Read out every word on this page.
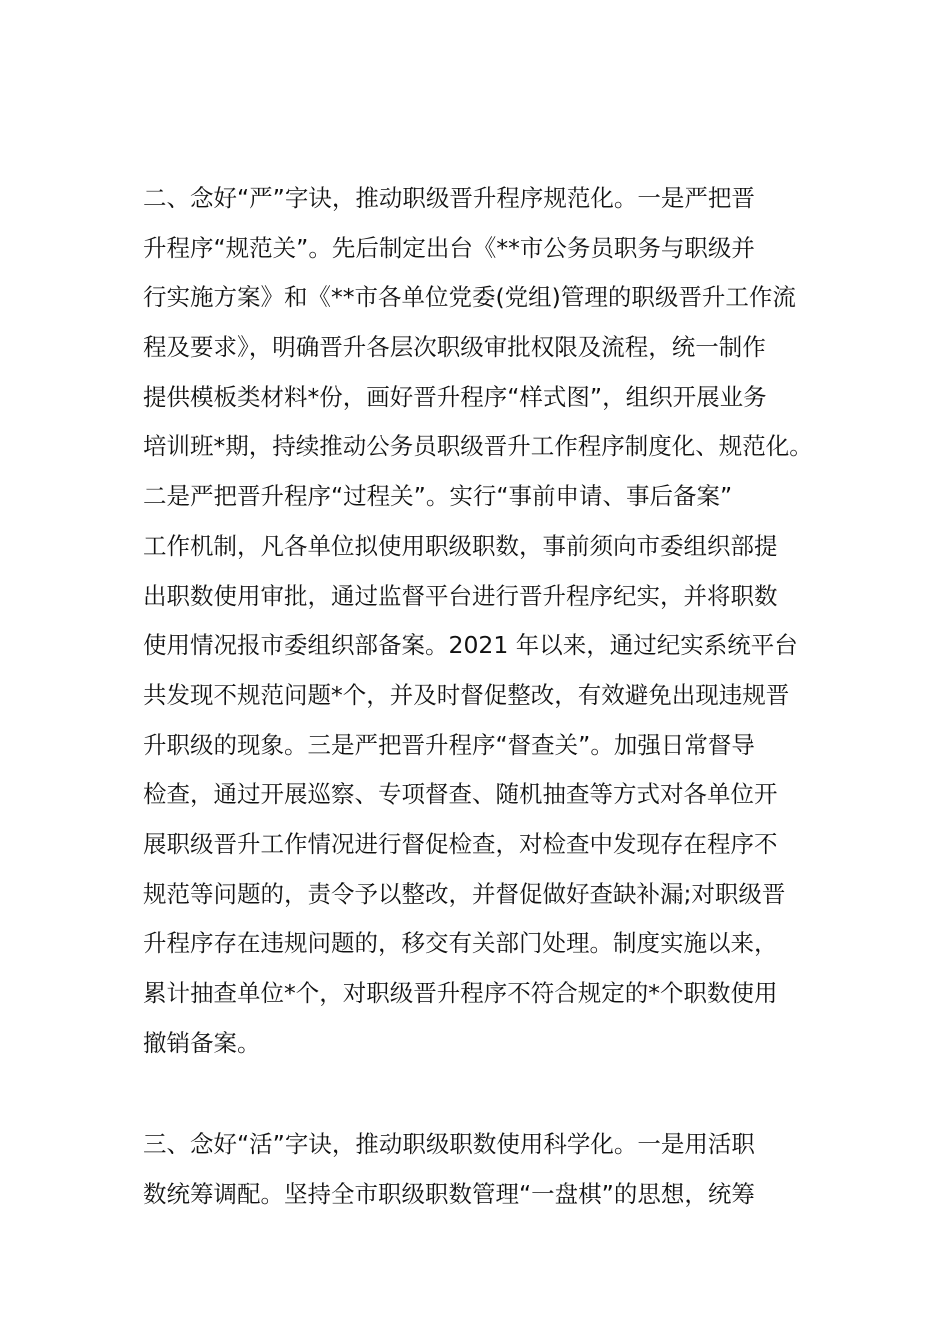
二、念好“严”字诀，推动职级晋升程序规范化。一是严把晋
升程序“规范关”。先后制定出台《**市公务员职务与职级并
行实施方案》和《**市各单位党委(党组)管理的职级晋升工作流
程及要求》，明确晋升各层次职级审批权限及流程，统一制作
提供模板类材料*份，画好晋升程序“样式图”，组织开展业务
培训班*期，持续推动公务员职级晋升工作程序制度化、规范化。
二是严把晋升程序“过程关”。实行“事前申请、事后备案”
工作机制，凡各单位拟使用职级职数，事前须向市委组织部提
出职数使用审批，通过监督平台进行晋升程序纪实，并将职数
使用情况报市委组织部备案。2021 年以来，通过纪实系统平台
共发现不规范问题*个，并及时督促整改，有效避免出现违规晋
升职级的现象。三是严把晋升程序“督查关”。加强日常督导
检查，通过开展巡察、专项督查、随机抽查等方式对各单位开
展职级晋升工作情况进行督促检查，对检查中发现存在程序不
规范等问题的，责令予以整改，并督促做好查缺补漏;对职级晋
升程序存在违规问题的，移交有关部门处理。制度实施以来，
累计抽查单位*个，对职级晋升程序不符合规定的*个职数使用
撤销备案。
三、念好“活”字诀，推动职级职数使用科学化。一是用活职
数统筹调配。坚持全市职级职数管理“一盘棋”的思想，统筹
